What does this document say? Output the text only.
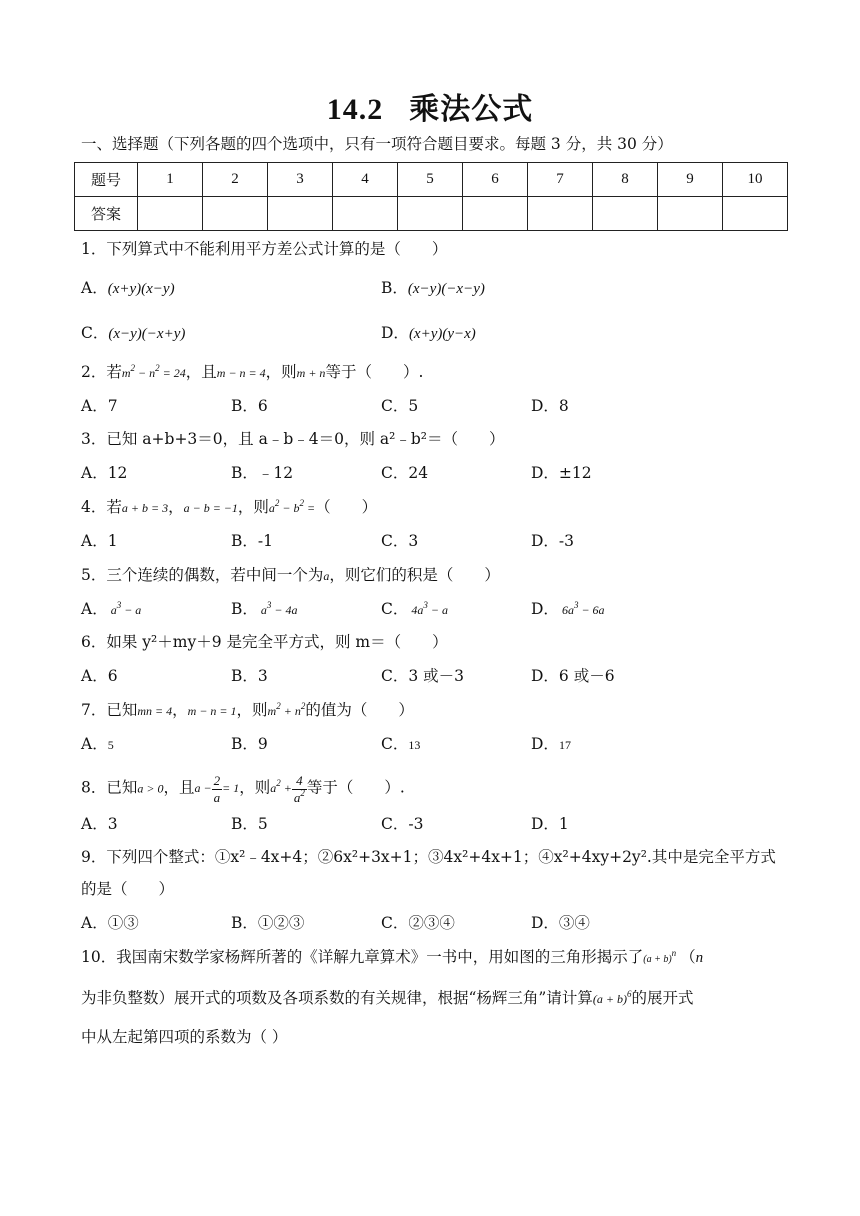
14.2 乘法公式
一、选择题（下列各题的四个选项中，只有一项符合题目要求。每题 3 分，共 30 分）
题号	1	2	3	4	5	6	7	8	9	10
答案										
1．下列算式中不能利用平方差公式计算的是（　　）
A．(x+y)(x−y)	B．(x−y)(−x−y)
C．(x−y)(−x+y)	D．(x+y)(y−x)
2．若$m^2 - n^2 = 24$，且m − n = 4，则m + n等于（　　）.
A．7	B．6	C．5	D．8
3．已知 a+b+3＝0，且 a﹣b﹣4＝0，则 a²﹣b²＝（　　）
A．12	B．﹣12	C．24	D．±12
4．若a + b = 3，a − b = −1，则$a^2 - b^2$ =（　　）
A．1	B．-1	C．3	D．-3
5．三个连续的偶数，若中间一个为a，则它们的积是（　　）
A． $a^3 - a$	B． $a^3 - 4a$	C． $4a^3 - a$	D． $6a^3 - 6a$
6．如果 y²＋my＋9 是完全平方式，则 m＝（　　）
A．6	B．3	C．3 或－3	D．6 或－6
7．已知mn = 4，m − n = 1，则$m^2 + n^2$的值为（　　）
A．5	B．9	C．13	D．17
8．已知a > 0，且$a - \frac{2}{a} = 1$，则$a^2 + \frac{4}{a^2}$ 等于（　　）.
A．3	B．5	C．-3	D．1
9．下列四个整式：①x²﹣4x+4；②6x²+3x+1；③4x²+4x+1；④x²+4xy+2y².其中是完全平方式
的是（　　）
A．①③	B．①②③	C．②③④	D．③④
10．我国南宋数学家杨辉所著的《详解九章算术》一书中，用如图的三角形揭示了$(a + b)^n$ （n
为非负整数）展开式的项数及各项系数的有关规律，根据“杨辉三角”请计算$(a + b)^6$的展开式
中从左起第四项的系数为（ ）
